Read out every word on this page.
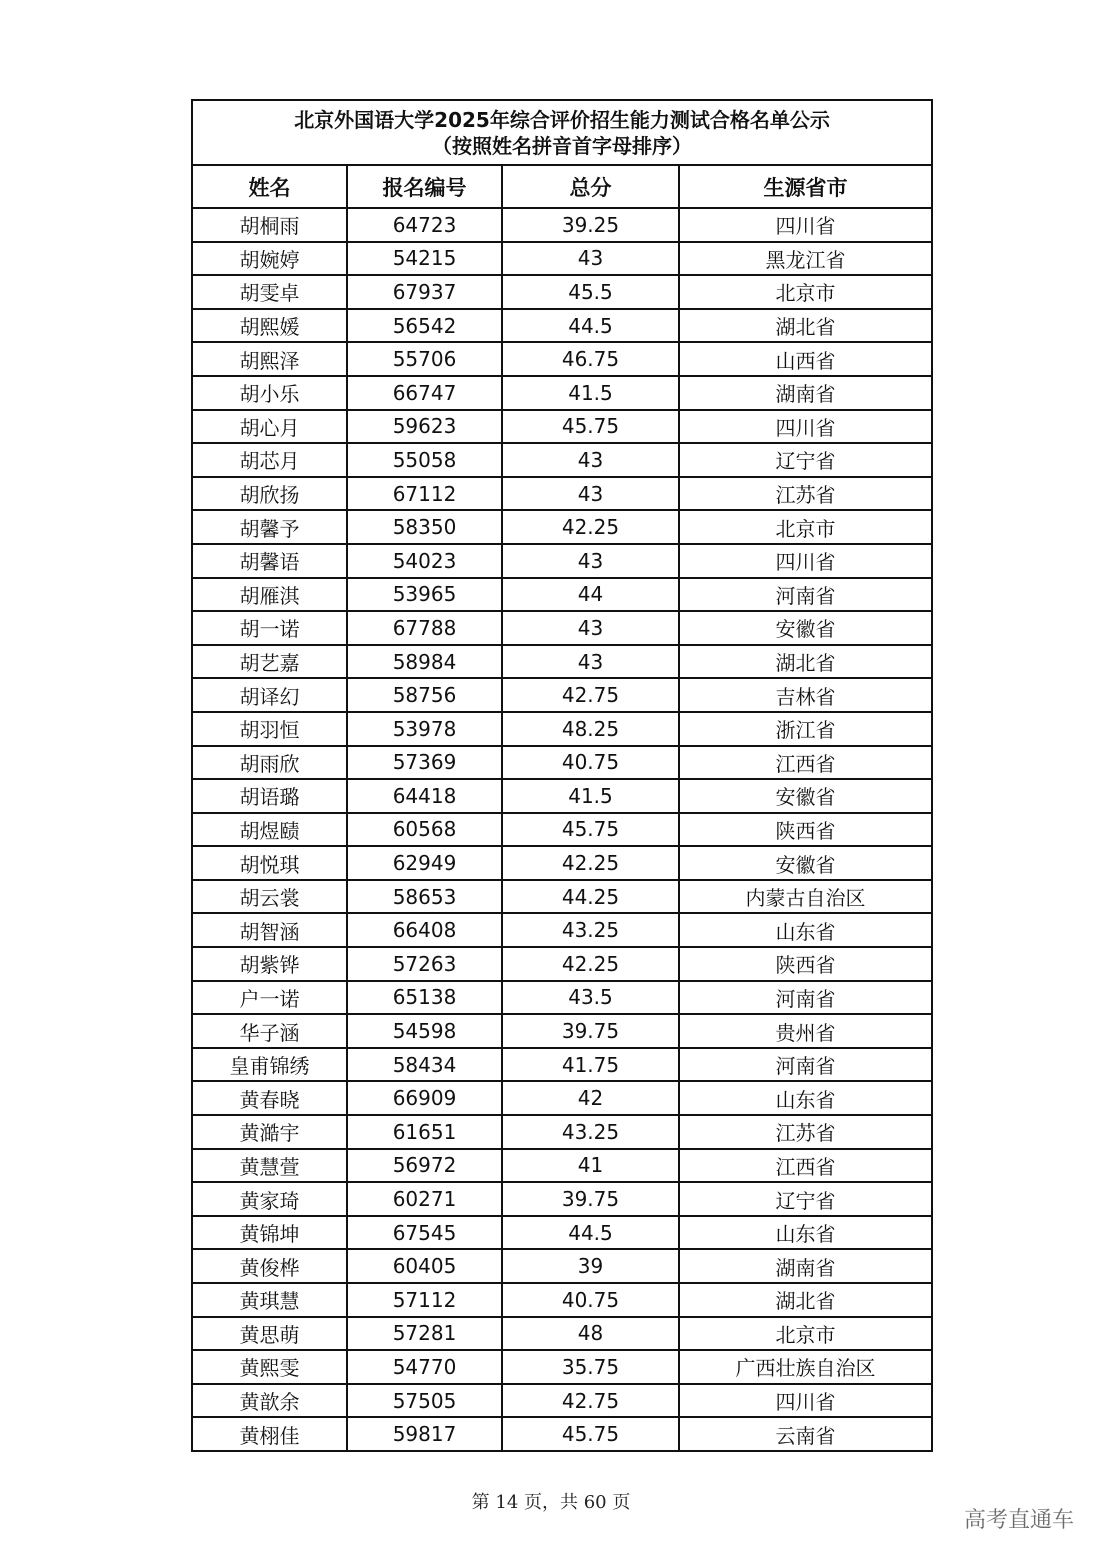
北京外国语大学2025年综合评价招生能力测试合格名单公示
（按照姓名拼音首字母排序）			

姓名	报名编号	总分	生源省市
胡桐雨	64723	39.25	四川省
胡婉婷	54215	43	黑龙江省
胡雯卓	67937	45.5	北京市
胡熙媛	56542	44.5	湖北省
胡熙泽	55706	46.75	山西省
胡小乐	66747	41.5	湖南省
胡心月	59623	45.75	四川省
胡芯月	55058	43	辽宁省
胡欣扬	67112	43	江苏省
胡馨予	58350	42.25	北京市
胡馨语	54023	43	四川省
胡雁淇	53965	44	河南省
胡一诺	67788	43	安徽省
胡艺嘉	58984	43	湖北省
胡译幻	58756	42.75	吉林省
胡羽恒	53978	48.25	浙江省
胡雨欣	57369	40.75	江西省
胡语璐	64418	41.5	安徽省
胡煜赜	60568	45.75	陕西省
胡悦琪	62949	42.25	安徽省
胡云裳	58653	44.25	内蒙古自治区
胡智涵	66408	43.25	山东省
胡紫铧	57263	42.25	陕西省
户一诺	65138	43.5	河南省
华子涵	54598	39.75	贵州省
皇甫锦绣	58434	41.75	河南省
黄春晓	66909	42	山东省
黄澔宇	61651	43.25	江苏省
黄慧萱	56972	41	江西省
黄家琦	60271	39.75	辽宁省
黄锦坤	67545	44.5	山东省
黄俊桦	60405	39	湖南省
黄琪慧	57112	40.75	湖北省
黄思萌	57281	48	北京市
黄熙雯	54770	35.75	广西壮族自治区
黄歆余	57505	42.75	四川省
黄栩佳	59817	45.75	云南省
第 14 页，共 60 页
高考直通车
